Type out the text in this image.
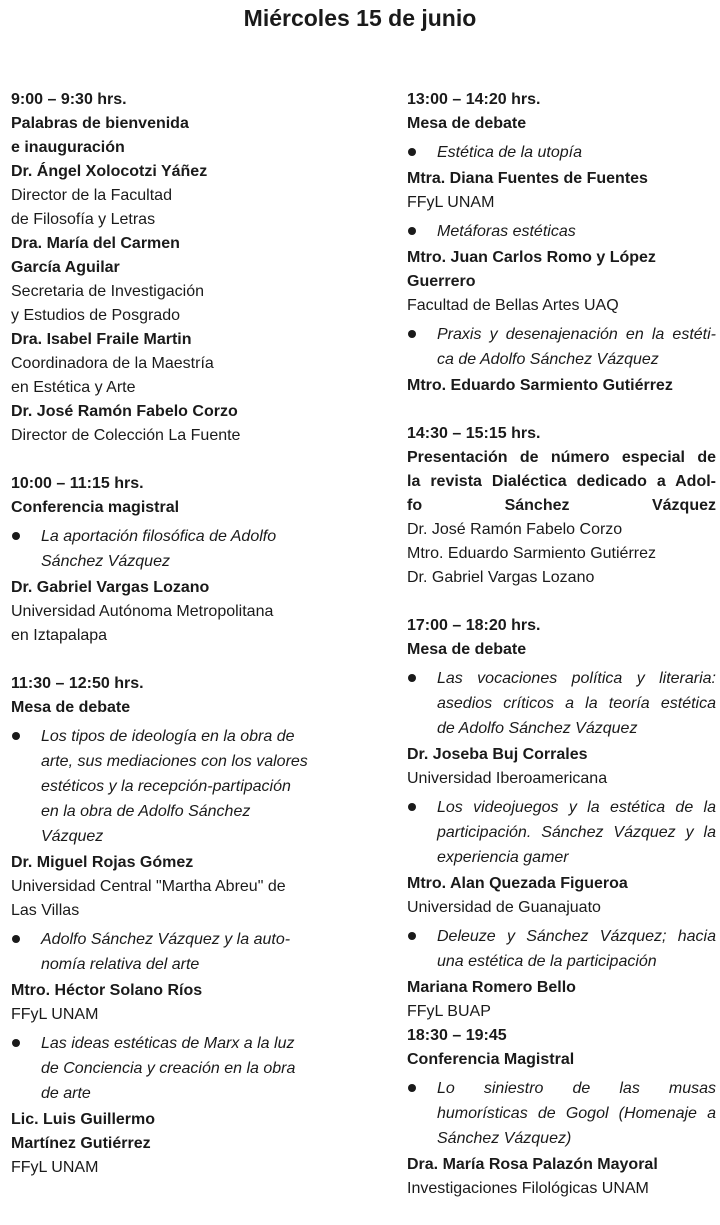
Miércoles 15 de junio
9:00 – 9:30 hrs.
Palabras de bienvenida
e inauguración
Dr. Ángel Xolocotzi Yáñez
Director de la Facultad
de Filosofía y Letras
Dra. María del Carmen
García Aguilar
Secretaria de Investigación
y Estudios de Posgrado
Dra. Isabel Fraile Martin
Coordinadora de la Maestría
en Estética y Arte
Dr. José Ramón Fabelo Corzo
Director de Colección La Fuente
10:00 – 11:15 hrs.
Conferencia magistral
La aportación filosófica de Adolfo
Sánchez Vázquez
Dr. Gabriel Vargas Lozano
Universidad Autónoma Metropolitana
en Iztapalapa
11:30 – 12:50 hrs.
Mesa de debate
Los tipos de ideología en la obra de
arte, sus mediaciones con los valores
estéticos y la recepción-partipación
en la obra de Adolfo Sánchez
Vázquez
Dr. Miguel Rojas Gómez
Universidad Central "Martha Abreu" de
Las Villas
Adolfo Sánchez Vázquez y la auto-
nomía relativa del arte
Mtro. Héctor Solano Ríos
FFyL UNAM
Las ideas estéticas de Marx a la luz
de Conciencia y creación en la obra
de arte
Lic. Luis Guillermo
Martínez Gutiérrez
FFyL UNAM
13:00 – 14:20 hrs.
Mesa de debate
Estética de la utopía
Mtra. Diana Fuentes de Fuentes
FFyL UNAM
Metáforas estéticas
Mtro. Juan Carlos Romo y López
Guerrero
Facultad de Bellas Artes UAQ
Praxis y desenajenación en la estéti-
ca de Adolfo Sánchez Vázquez
Mtro. Eduardo Sarmiento Gutiérrez
14:30 – 15:15 hrs.
Presentación de número especial de
la revista Dialéctica dedicado a Adol-
fo Sánchez Vázquez
Dr. José Ramón Fabelo Corzo
Mtro. Eduardo Sarmiento Gutiérrez
Dr. Gabriel Vargas Lozano
17:00 – 18:20 hrs.
Mesa de debate
Las vocaciones política y literaria:
asedios críticos a la teoría estética
de Adolfo Sánchez Vázquez
Dr. Joseba Buj Corrales
Universidad Iberoamericana
Los videojuegos y la estética de la
participación. Sánchez Vázquez y la
experiencia gamer
Mtro. Alan Quezada Figueroa
Universidad de Guanajuato
Deleuze y Sánchez Vázquez; hacia
una estética de la participación
Mariana Romero Bello
FFyL BUAP
18:30 – 19:45
Conferencia Magistral
Lo siniestro de las musas
humorísticas de Gogol (Homenaje a
Sánchez Vázquez)
Dra. María Rosa Palazón Mayoral
Investigaciones Filológicas UNAM
